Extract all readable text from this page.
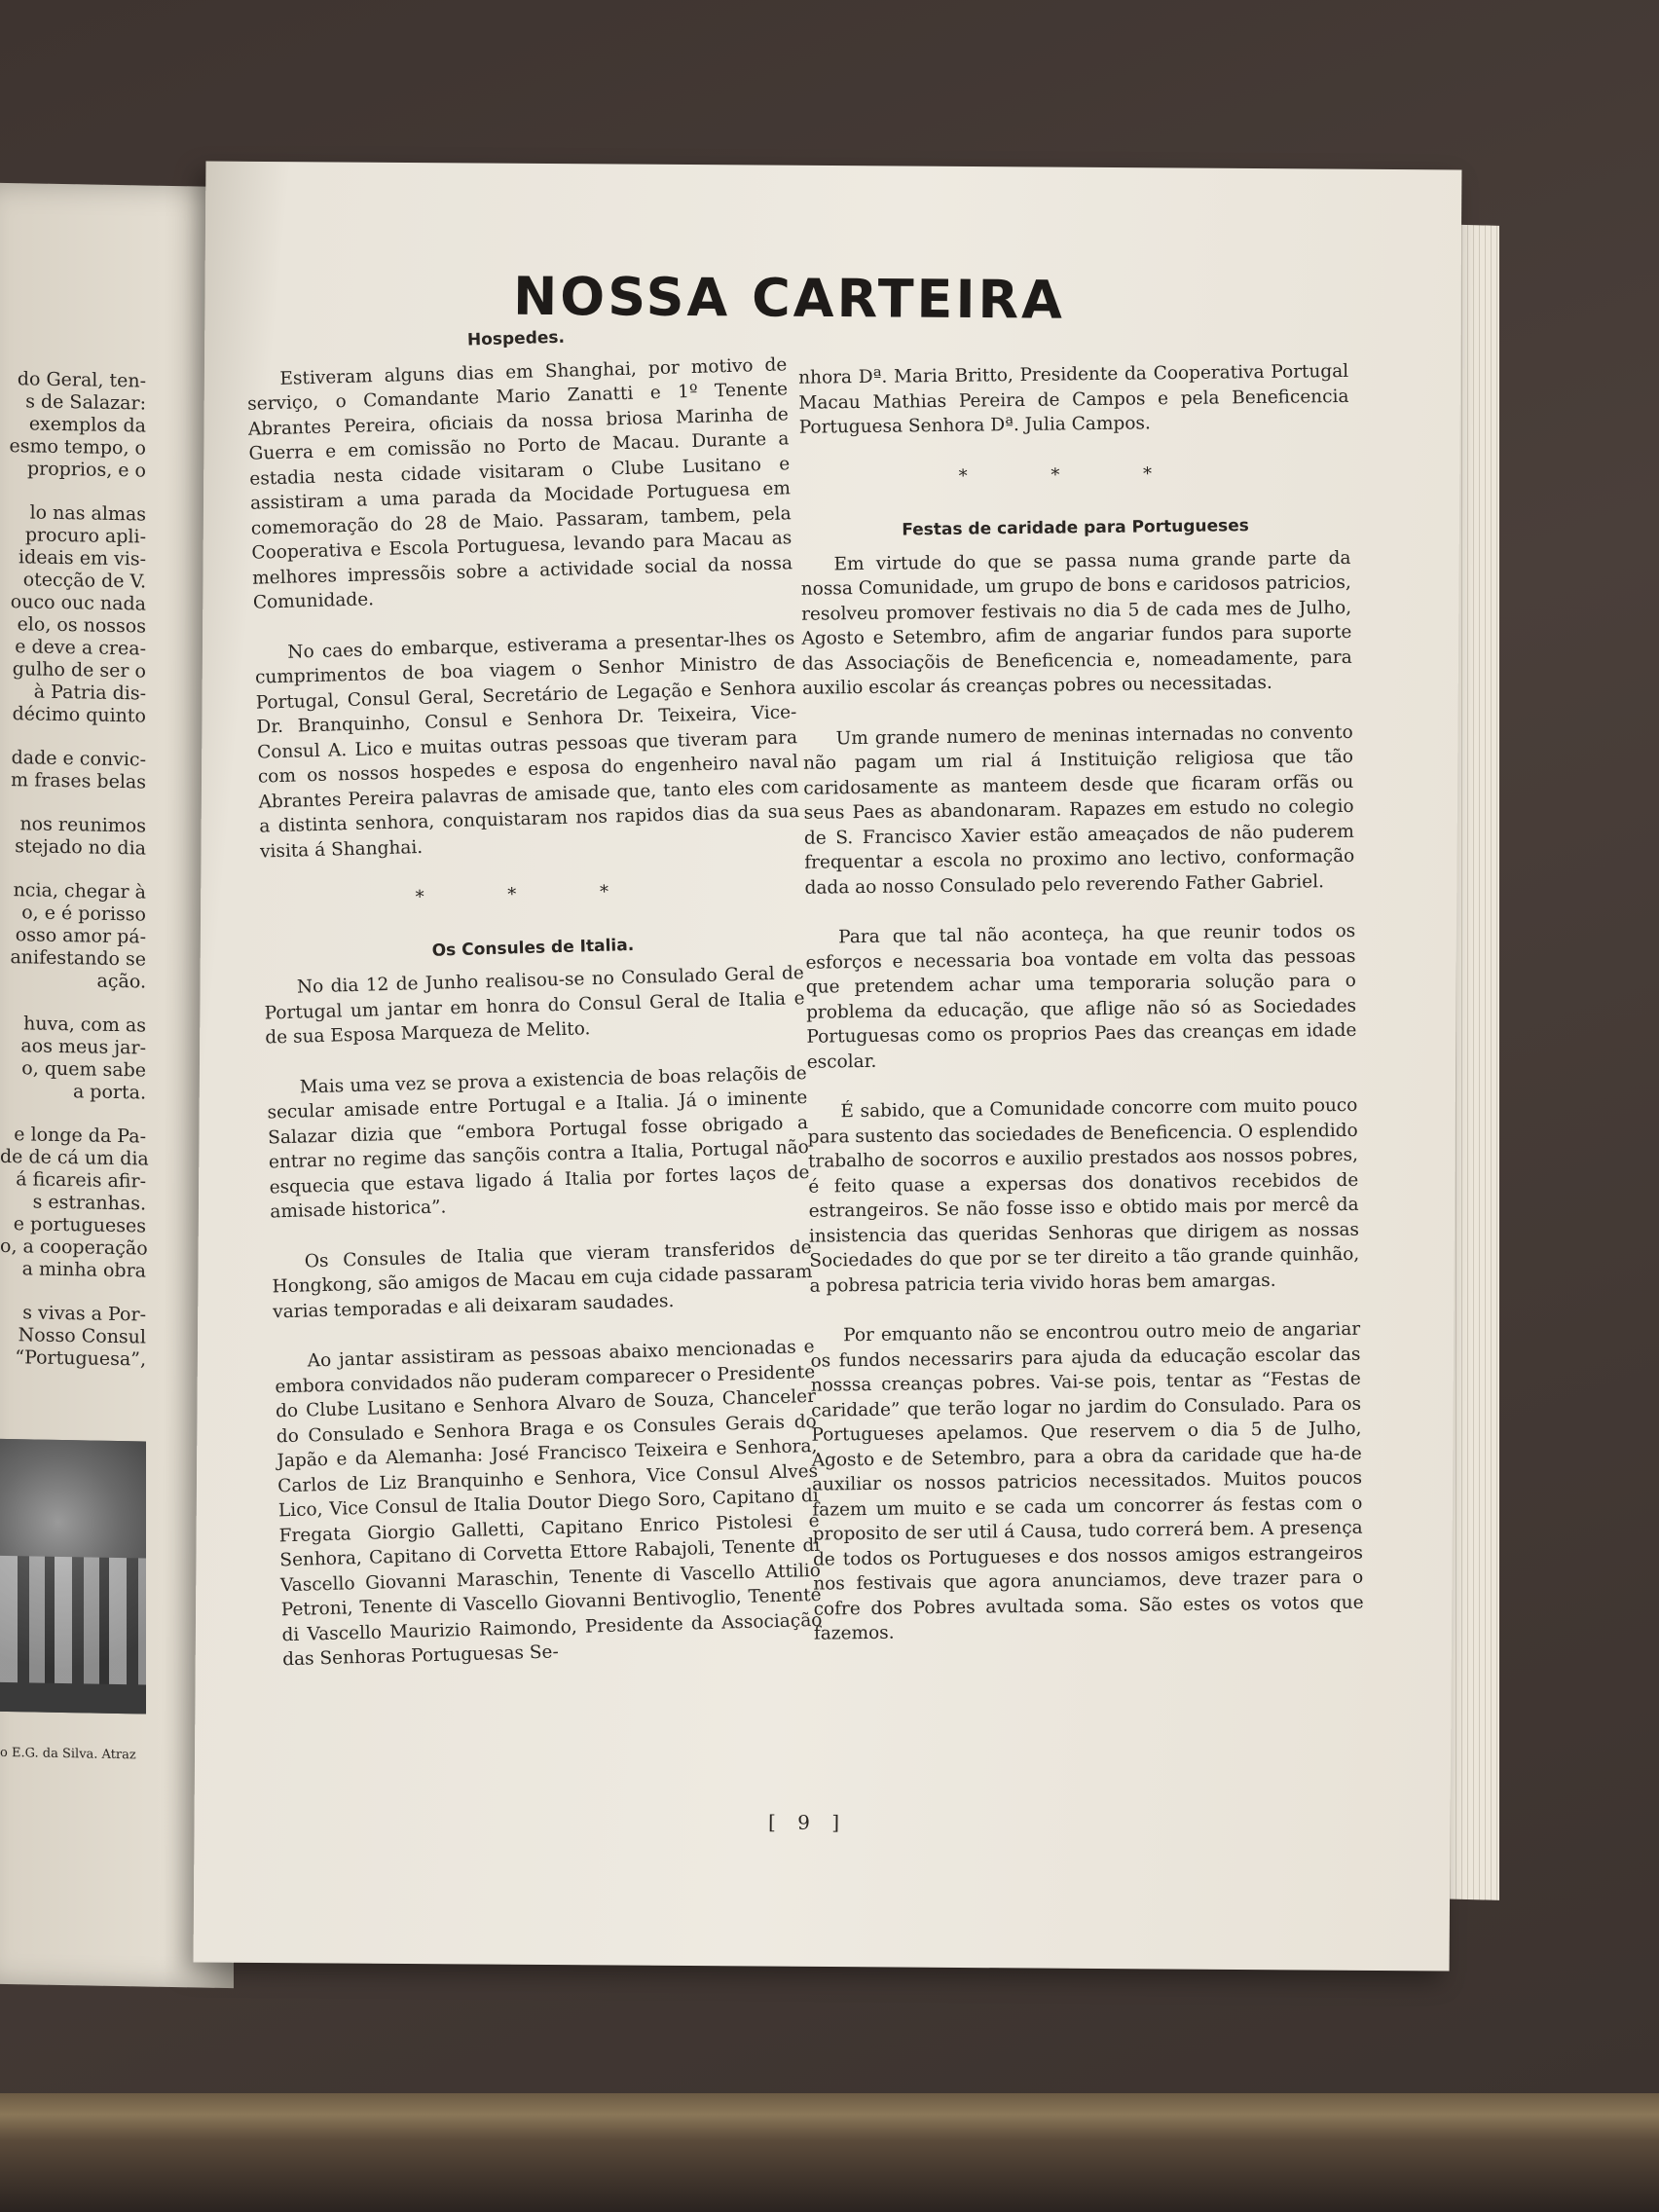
do Geral, ten-

s de Salazar:

exemplos da

esmo tempo, o

proprios, e o

lo nas almas

procuro apli-

ideais em vis-

otecção de V.

ouco ouc nada

elo, os nossos

e deve a crea-

gulho de ser o

à Patria dis-

décimo quinto

dade e convic-

m frases belas

nos reunimos

stejado no dia

ncia, chegar à

o, e é porisso

osso amor pá-

anifestando se

ação.

huva, com as

aos meus jar-

o, quem sabe

a porta.

e longe da Pa-

de de cá um dia

á ficareis afir-

s estranhas.

e portugueses

o, a cooperação

a minha obra

s vivas a Por-

Nosso Consul

“Portuguesa”,

o E.G. da Silva. Atraz
NOSSA CARTEIRA
Hospedes.

Estiveram alguns dias em Shanghai, por motivo de serviço, o Comandante Mario Zanatti e 1º Tenente Abrantes Pereira, oficiais da nossa briosa Marinha de Guerra e em comissão no Porto de Macau. Durante a estadia nesta cidade visitaram o Clube Lusitano e assistiram a uma parada da Mocidade Portuguesa em comemoração do 28 de Maio. Passaram, tambem, pela Cooperativa e Escola Portuguesa, levando para Macau as melhores impressõis sobre a actividade social da nossa Comunidade.

No caes do embarque, estiverama a presentar-lhes os cumprimentos de boa viagem o Senhor Ministro de Portugal, Consul Geral, Secretário de Legação e Senhora Dr. Branquinho, Consul e Senhora Dr. Teixeira, Vice-Consul A. Lico e muitas outras pessoas que tiveram para com os nossos hospedes e esposa do engenheiro naval Abrantes Pereira palavras de amisade que, tanto eles com a distinta senhora, conquistaram nos rapidos dias da sua visita á Shanghai.

* * *
Os Consules de Italia.

No dia 12 de Junho realisou-se no Consulado Geral de Portugal um jantar em honra do Consul Geral de Italia e de sua Esposa Marqueza de Melito.

Mais uma vez se prova a existencia de boas relaçõis de secular amisade entre Portugal e a Italia. Já o iminente Salazar dizia que “embora Portugal fosse obrigado a entrar no regime das sançõis contra a Italia, Portugal não esquecia que estava ligado á Italia por fortes laços de amisade historica”.

Os Consules de Italia que vieram transferidos de Hongkong, são amigos de Macau em cuja cidade passaram varias temporadas e ali deixaram saudades.

Ao jantar assistiram as pessoas abaixo mencionadas e embora convidados não puderam comparecer o Presidente do Clube Lusitano e Senhora Alvaro de Souza, Chanceler do Consulado e Senhora Braga e os Consules Gerais do Japão e da Alemanha: José Francisco Teixeira e Senhora, Carlos de Liz Branquinho e Senhora, Vice Consul Alves Lico, Vice Consul de Italia Doutor Diego Soro, Capitano di Fregata Giorgio Galletti, Capitano Enrico Pistolesi e Senhora, Capitano di Corvetta Ettore Rabajoli, Tenente di Vascello Giovanni Maraschin, Tenente di Vascello Attilio Petroni, Tenente di Vascello Giovanni Bentivoglio, Tenente di Vascello Maurizio Raimondo, Presidente da Associação das Senhoras Portuguesas Se-

nhora Dª. Maria Britto, Presidente da Cooperativa Portugal Macau Mathias Pereira de Campos e pela Beneficencia Portuguesa Senhora Dª. Julia Campos.

* * *
Festas de caridade para Portugueses

Em virtude do que se passa numa grande parte da nossa Comunidade, um grupo de bons e caridosos patricios, resolveu promover festivais no dia 5 de cada mes de Julho, Agosto e Setembro, afim de angariar fundos para suporte das Associaçõis de Beneficencia e, nomeadamente, para auxilio escolar ás creanças pobres ou necessitadas.

Um grande numero de meninas internadas no convento não pagam um rial á Instituição religiosa que tão caridosamente as manteem desde que ficaram orfãs ou seus Paes as abandonaram. Rapazes em estudo no colegio de S. Francisco Xavier estão ameaçados de não puderem frequentar a escola no proximo ano lectivo, conformação dada ao nosso Consulado pelo reverendo Father Gabriel.

Para que tal não aconteça, ha que reunir todos os esforços e necessaria boa vontade em volta das pessoas que pretendem achar uma temporaria solução para o problema da educação, que aflige não só as Sociedades Portuguesas como os proprios Paes das creanças em idade escolar.

É sabido, que a Comunidade concorre com muito pouco para sustento das sociedades de Beneficencia. O esplendido trabalho de socorros e auxilio prestados aos nossos pobres, é feito quase a expersas dos donativos recebidos de estrangeiros. Se não fosse isso e obtido mais por mercê da insistencia das queridas Senhoras que dirigem as nossas Sociedades do que por se ter direito a tão grande quinhão, a pobresa patricia teria vivido horas bem amargas.

Por emquanto não se encontrou outro meio de angariar os fundos necessarirs para ajuda da educação escolar das nosssa creanças pobres. Vai-se pois, tentar as “Festas de caridade” que terão logar no jardim do Consulado. Para os Portugueses apelamos. Que reservem o dia 5 de Julho, Agosto e de Setembro, para a obra da caridade que ha-de auxiliar os nossos patricios necessitados. Muitos poucos fazem um muito e se cada um concorrer ás festas com o proposito de ser util á Causa, tudo correrá bem. A presença de todos os Portugueses e dos nossos amigos estrangeiros nos festivais que agora anunciamos, deve trazer para o cofre dos Pobres avultada soma. São estes os votos que fazemos.

[ 9 ]
